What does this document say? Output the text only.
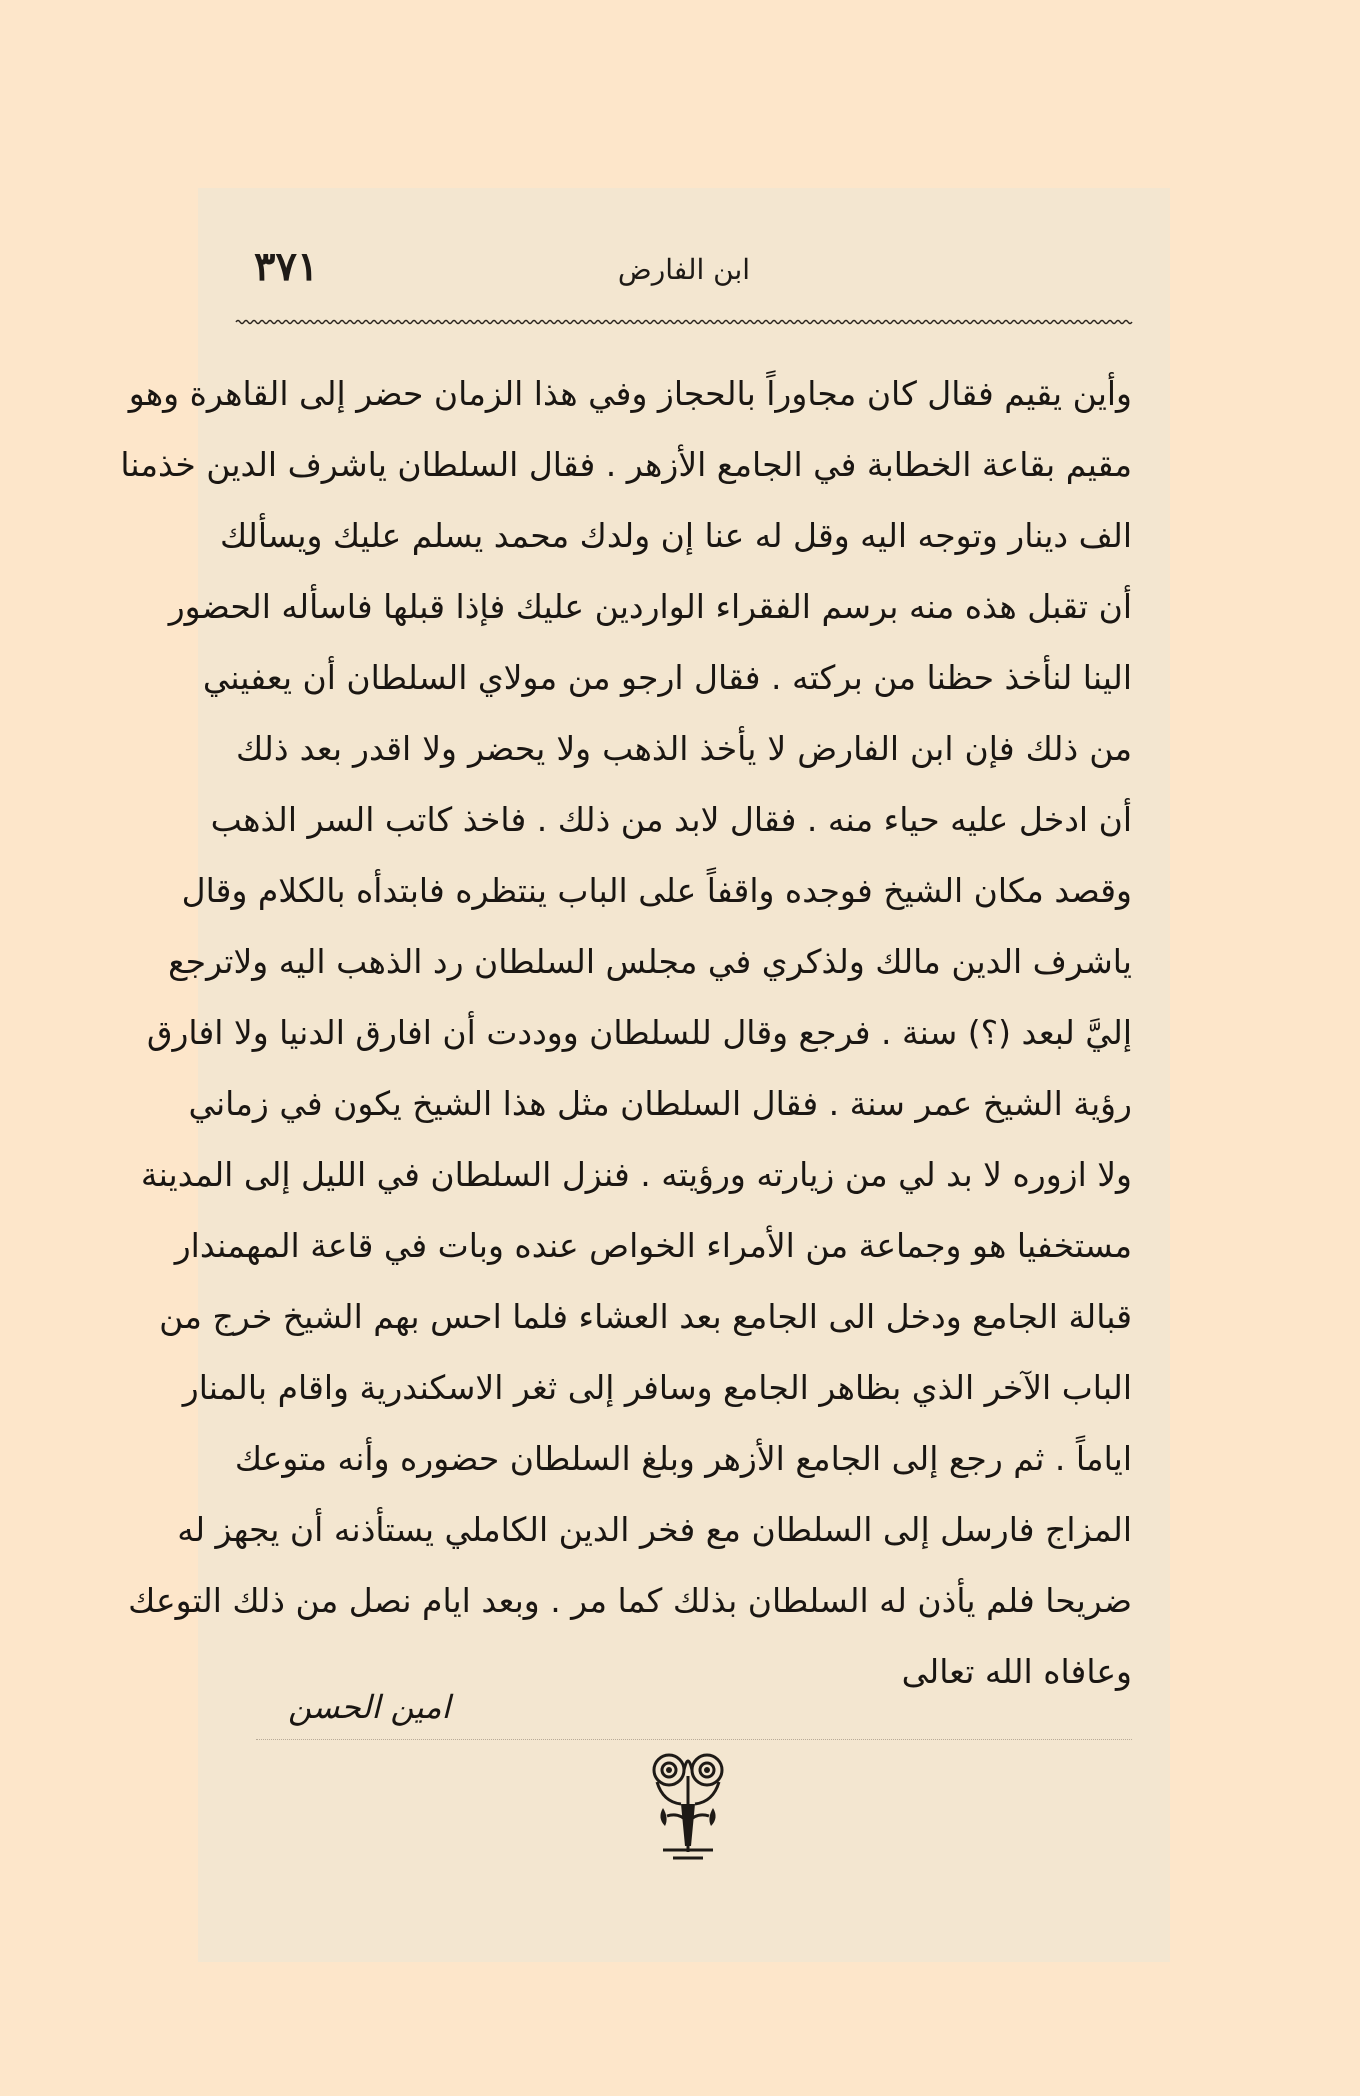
ابن الفارض
٣٧١
وأين يقيم فقال كان مجاوراً بالحجاز وفي هذا الزمان حضر إلى القاهرة وهو
مقيم بقاعة الخطابة في الجامع الأزهر . فقال السلطان ياشرف الدين خذمنا
الف دينار وتوجه اليه وقل له عنا إن ولدك محمد يسلم عليك ويسألك
أن تقبل هذه منه برسم الفقراء الواردين عليك فإذا قبلها فاسأله الحضور
الينا لنأخذ حظنا من بركته . فقال ارجو من مولاي السلطان أن يعفيني
من ذلك فإن ابن الفارض لا يأخذ الذهب ولا يحضر ولا اقدر بعد ذلك
أن ادخل عليه حياء منه . فقال لابد من ذلك . فاخذ كاتب السر الذهب
وقصد مكان الشيخ فوجده واقفاً على الباب ينتظره فابتدأه بالكلام وقال
ياشرف الدين مالك ولذكري في مجلس السلطان رد الذهب اليه ولاترجع
إليَّ لبعد (؟) سنة . فرجع وقال للسلطان ووددت أن افارق الدنيا ولا افارق
رؤية الشيخ عمر سنة . فقال السلطان مثل هذا الشيخ يكون في زماني
ولا ازوره لا بد لي من زيارته ورؤيته . فنزل السلطان في الليل إلى المدينة
مستخفيا هو وجماعة من الأمراء الخواص عنده وبات في قاعة المهمندار
قبالة الجامع ودخل الى الجامع بعد العشاء فلما احس بهم الشيخ خرج من
الباب الآخر الذي بظاهر الجامع وسافر إلى ثغر الاسكندرية واقام بالمنار
اياماً . ثم رجع إلى الجامع الأزهر وبلغ السلطان حضوره وأنه متوعك
المزاج فارسل إلى السلطان مع فخر الدين الكاملي يستأذنه أن يجهز له
ضريحا فلم يأذن له السلطان بذلك كما مر . وبعد ايام نصل من ذلك التوعك
وعافاه الله تعالى
امين الحسن
